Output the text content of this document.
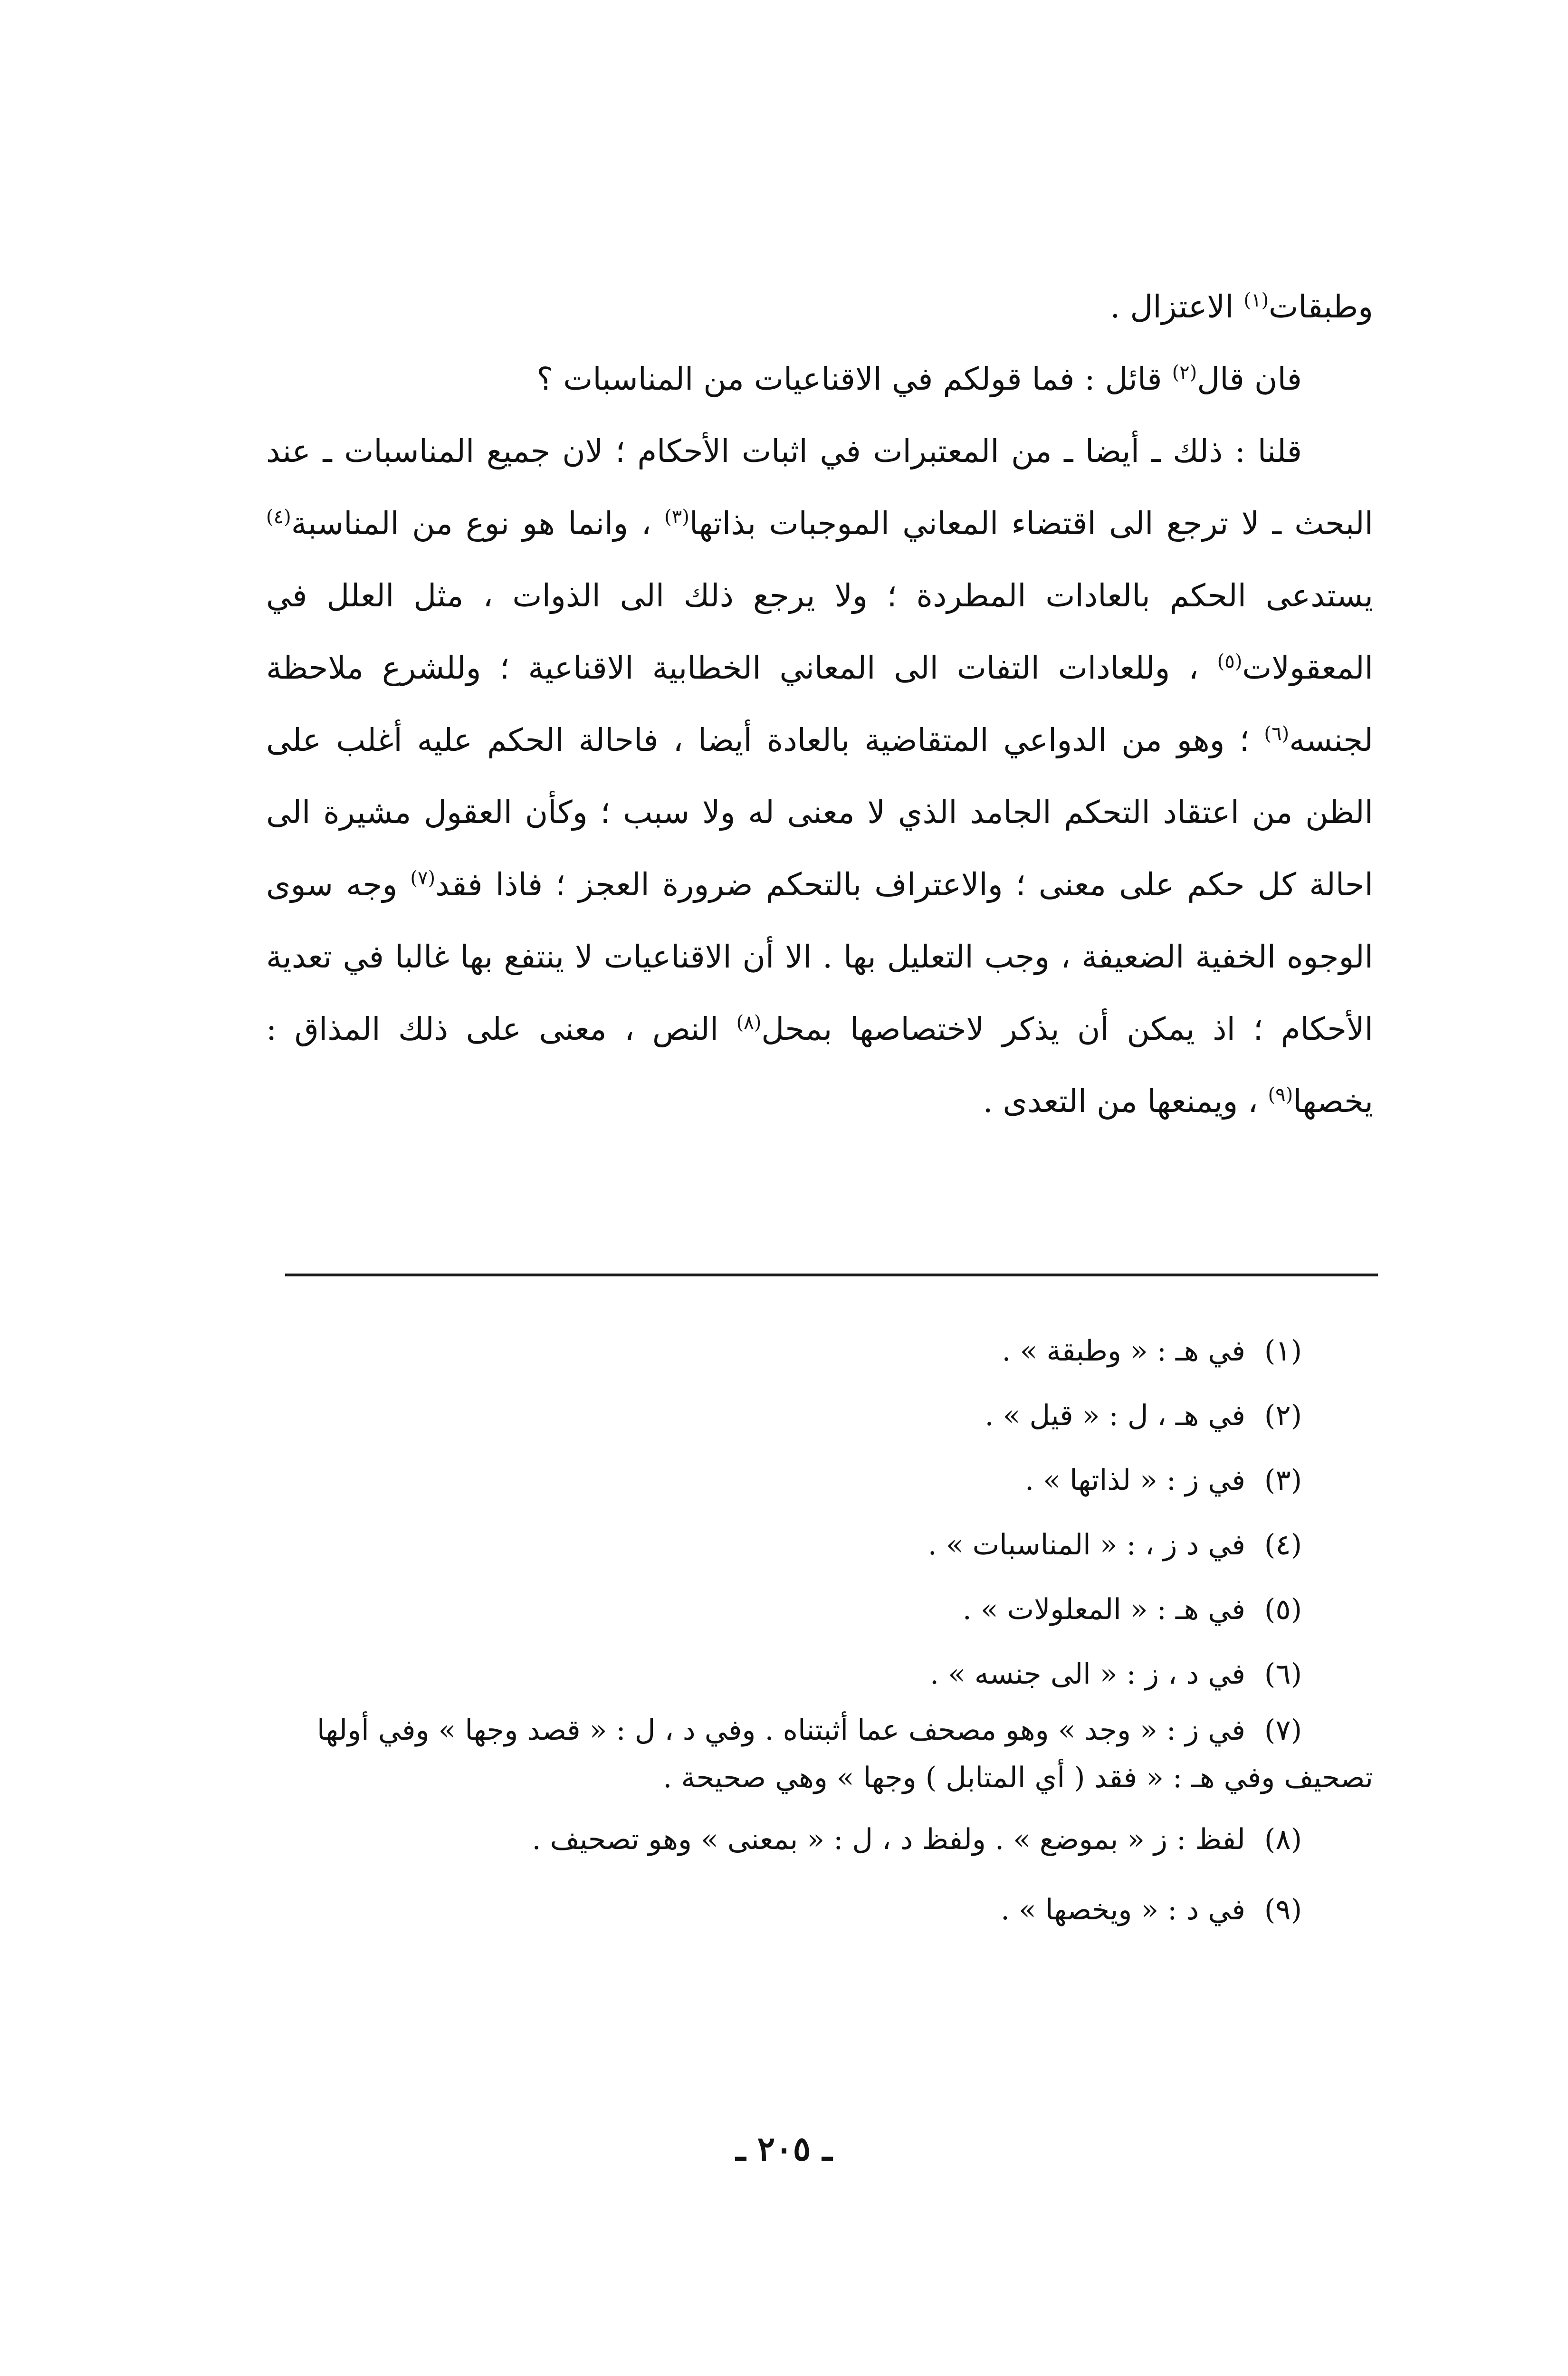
وطبقات$^{(١)}$ الاعتزال .

فان قال$^{(٢)}$ قائل : فما قولكم في الاقناعيات من المناسبات ؟

قلنا : ذلك ـ أيضا ـ من المعتبرات في اثبات الأحكام ؛ لان جميع المناسبات ـ عند البحث ـ لا ترجع الى اقتضاء المعاني الموجبات بذاتها$^{(٣)}$ ، وانما هو نوع من المناسبة$^{(٤)}$ يستدعى الحكم بالعادات المطردة ؛ ولا يرجع ذلك الى الذوات ، مثل العلل في المعقولات$^{(٥)}$ ، وللعادات التفات الى المعاني الخطابية الاقناعية ؛ وللشرع ملاحظة لجنسه$^{(٦)}$ ؛ وهو من الدواعي المتقاضية بالعادة أيضا ، فاحالة الحكم عليه أغلب على الظن من اعتقاد التحكم الجامد الذي لا معنى له ولا سبب ؛ وكأن العقول مشيرة الى احالة كل حكم على معنى ؛ والاعتراف بالتحكم ضرورة العجز ؛ فاذا فقد$^{(٧)}$ وجه سوى الوجوه الخفية الضعيفة ، وجب التعليل بها . الا أن الاقناعيات لا ينتفع بها غالبا في تعدية الأحكام ؛ اذ يمكن أن يذكر لاختصاصها بمحل$^{(٨)}$ النص ، معنى على ذلك المذاق : يخصها$^{(٩)}$ ، ويمنعها من التعدى .

(١)في هـ : « وطبقة » .

(٢)في هـ ، ل : « قيل » .

(٣)في ز : « لذاتها » .

(٤)في د ز ، : « المناسبات » .

(٥)في هـ : « المعلولات » .

(٦)في د ، ز : « الى جنسه » .

(٧)في ز : « وجد » وهو مصحف عما أثبتناه . وفي د ، ل : « قصد وجها » وفي أولها تصحيف وفي هـ : « فقد ( أي المتابل ) وجها » وهي صحيحة .

(٨)لفظ : ز « بموضع » . ولفظ د ، ل : « بمعنى » وهو تصحيف .

(٩)في د : « ويخصها » .

ـ ٢٠٥ ـ
